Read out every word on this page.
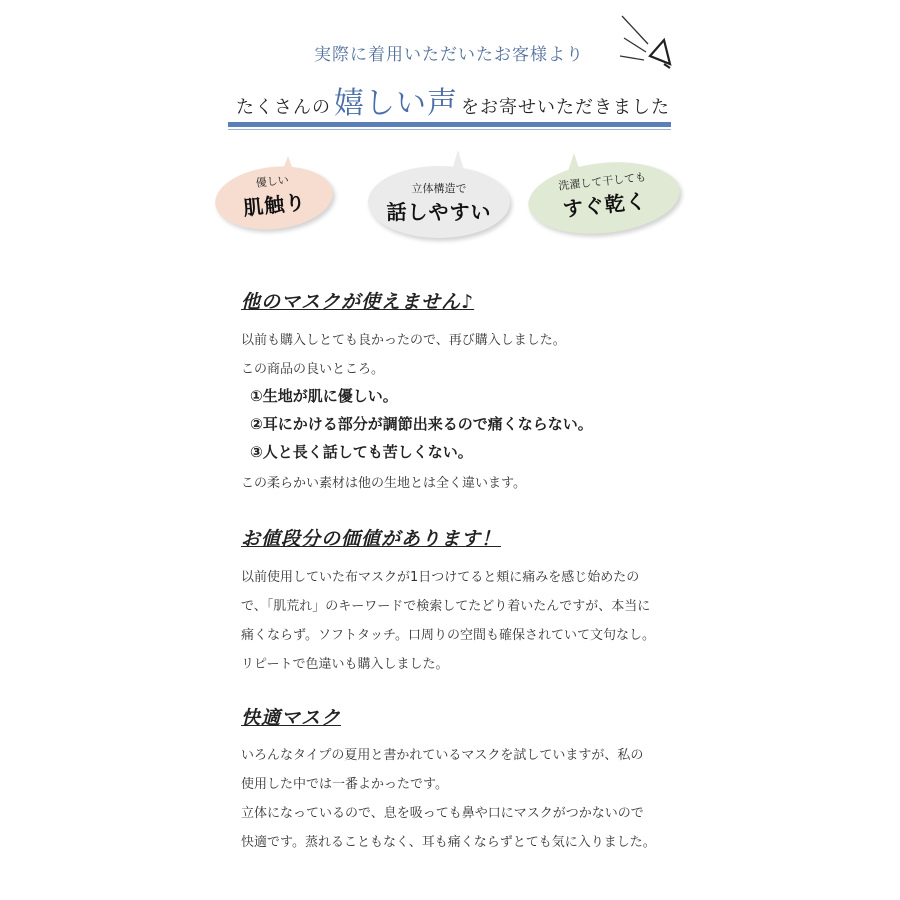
実際に着用いただいたお客様より
たくさんの 嬉しい声 をお寄せいただきました
優しい
肌触り
立体構造で
話しやすい
洗濯して干しても
すぐ乾く
他のマスクが使えません♪
以前も購入しとても良かったので、再び購入しました。
この商品の良いところ。
①生地が肌に優しい。
②耳にかける部分が調節出来るので痛くならない。
③人と長く話しても苦しくない。
この柔らかい素材は他の生地とは全く違います。
お値段分の価値があります！
以前使用していた布マスクが1日つけてると頬に痛みを感じ始めたの
で、「肌荒れ」のキーワードで検索してたどり着いたんですが、本当に
痛くならず。ソフトタッチ。口周りの空間も確保されていて文句なし。
リピートで色違いも購入しました。
快適マスク
いろんなタイプの夏用と書かれているマスクを試していますが、私の
使用した中では一番よかったです。
立体になっているので、息を吸っても鼻や口にマスクがつかないので
快適です。蒸れることもなく、耳も痛くならずとても気に入りました。
